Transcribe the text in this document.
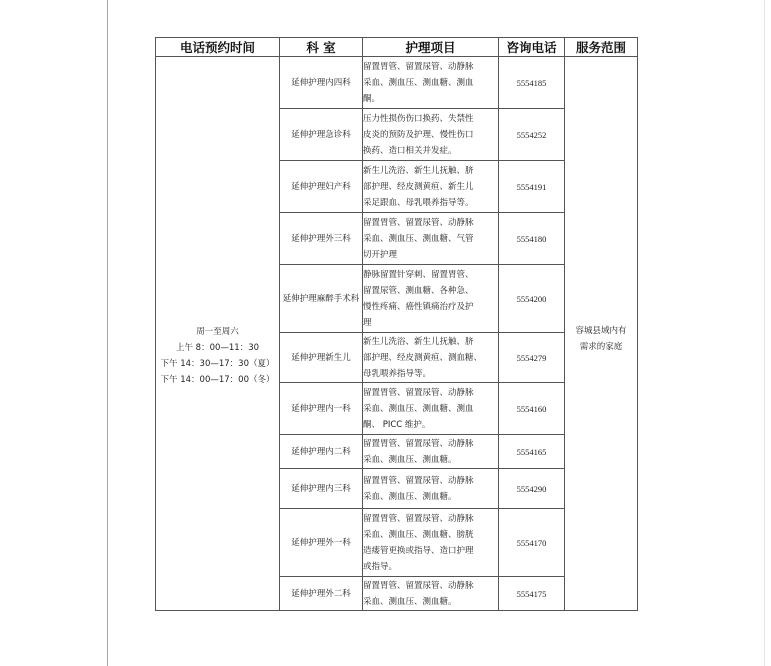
电话预约时间	科 室	护理项目	咨询电话	服务范围

周一至周六
上午 8：00—11：30
下午 14：30—17：30（夏）
下午 14：00—17：00（冬）	延伸护理内四科	留置胃管、留置尿管、动静脉
采血、测血压、测血糖、测血
酮。	5554185	容城县域内有
需求的家庭

	延伸护理急诊科	压力性损伤伤口换药、失禁性
皮炎的预防及护理、慢性伤口
换药、造口相关并发症。	5554252	
	延伸护理妇产科	新生儿洗浴、新生儿抚触、脐
部护理、经皮测黄疸、新生儿
采足跟血、母乳喂养指导等。	5554191	
	延伸护理外三科	留置胃管、留置尿管、动静脉
采血、测血压、测血糖、气管
切开护理	5554180	
	延伸护理麻醉手术科	静脉留置针穿刺、留置胃管、
留置尿管、测血糖、各种急、
慢性疼痛、癌性镇痛治疗及护
理	5554200	
	延伸护理新生儿	新生儿洗浴、新生儿抚触、脐
部护理、经皮测黄疸、测血糖、
母乳喂养指导等。	5554279	
	延伸护理内一科	留置胃管、留置尿管、动静脉
采血、测血压、测血糖、测血
酮、 PICC 维护。	5554160	
	延伸护理内二科	留置胃管、留置尿管、动静脉
采血、测血压、测血糖。	5554165	
	延伸护理内三科	留置胃管、留置尿管、动静脉
采血、测血压、测血糖。	5554290	
	延伸护理外一科	留置胃管、留置尿管、动静脉
采血、测血压、测血糖、膀胱
造瘘管更换或指导、造口护理
或指导。	5554170	
	延伸护理外二科	留置胃管、留置尿管、动静脉
采血、测血压、测血糖。	5554175	
